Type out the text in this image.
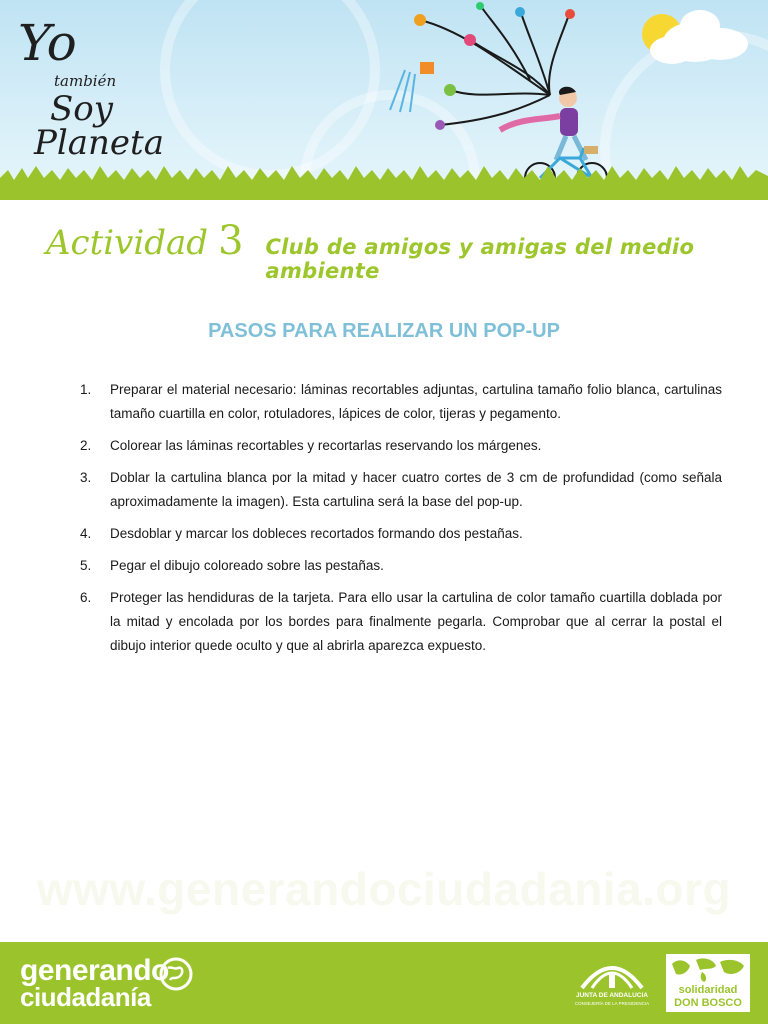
Yo
también
Soy
Planeta
Actividad 3 Club de amigos y amigas del medio ambiente
PASOS PARA REALIZAR UN POP-UP
1.	Preparar el material necesario: láminas recortables adjuntas, cartulina tamaño folio blanca, cartulinas tamaño cuartilla en color, rotuladores, lápices de color, tijeras y pegamento.
2.	Colorear las láminas recortables y recortarlas reservando los márgenes.
3.	Doblar la cartulina blanca por la mitad y hacer cuatro cortes de 3 cm de profundidad (como señala aproximadamente la imagen). Esta cartulina será la base del pop-up.
4.	Desdoblar y marcar los dobleces recortados formando dos pestañas.
5.	Pegar el dibujo coloreado sobre las pestañas.
6.	Proteger las hendiduras de la tarjeta. Para ello usar la cartulina de color tamaño cuartilla doblada por la mitad y encolada por los bordes para finalmente pegarla. Comprobar que al cerrar la postal el dibujo interior quede oculto y que al abrirla aparezca expuesto.
www.generandociudadania.org
generando
ciudadanía	JUNTA DE ANDALUCIA
CONSEJERÍA DE LA PRESIDENCIA
solidaridad
DON BOSCO
